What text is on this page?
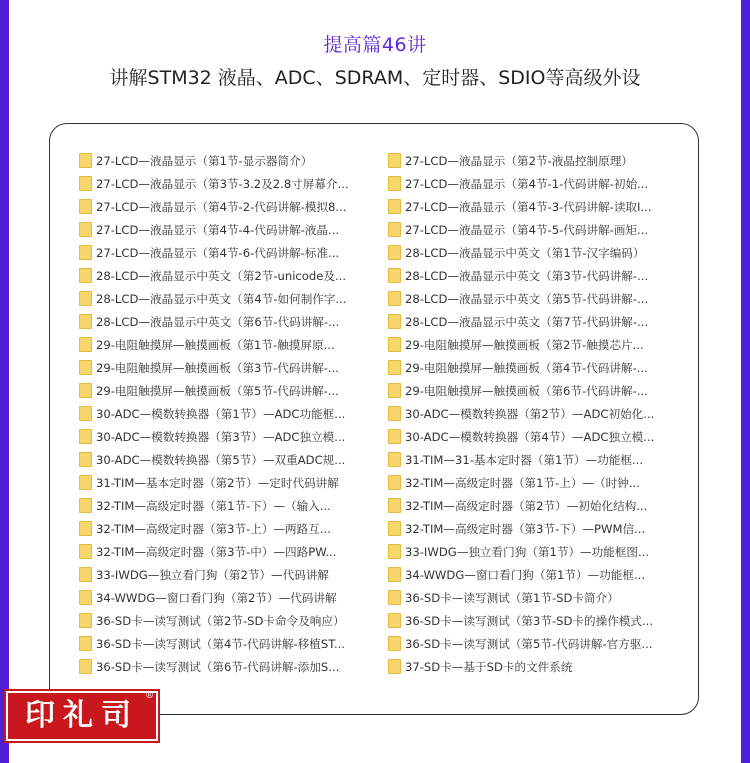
提高篇46讲
讲解STM32 液晶、ADC、SDRAM、定时器、SDIO等高级外设
27-LCD—液晶显示（第1节-显示器简介）
27-LCD—液晶显示（第3节-3.2及2.8寸屏幕介...
27-LCD—液晶显示（第4节-2-代码讲解-模拟8...
27-LCD—液晶显示（第4节-4-代码讲解-液晶...
27-LCD—液晶显示（第4节-6-代码讲解-标准...
28-LCD—液晶显示中英文（第2节-unicode及...
28-LCD—液晶显示中英文（第4节-如何制作字...
28-LCD—液晶显示中英文（第6节-代码讲解-...
29-电阻触摸屏—触摸画板（第1节-触摸屏原...
29-电阻触摸屏—触摸画板（第3节-代码讲解-...
29-电阻触摸屏—触摸画板（第5节-代码讲解-...
30-ADC—模数转换器（第1节）—ADC功能框...
30-ADC—模数转换器（第3节）—ADC独立模...
30-ADC—模数转换器（第5节）—双重ADC规...
31-TIM—基本定时器（第2节）—定时代码讲解
32-TIM—高级定时器（第1节-下）—（输入...
32-TIM—高级定时器（第3节-上）—两路互...
32-TIM—高级定时器（第3节-中）—四路PW...
33-IWDG—独立看门狗（第2节）—代码讲解
34-WWDG—窗口看门狗（第2节）—代码讲解
36-SD卡—读写测试（第2节-SD卡命令及响应）
36-SD卡—读写测试（第4节-代码讲解-移植ST...
36-SD卡—读写测试（第6节-代码讲解-添加S...
27-LCD—液晶显示（第2节-液晶控制原理）
27-LCD—液晶显示（第4节-1-代码讲解-初始...
27-LCD—液晶显示（第4节-3-代码讲解-读取I...
27-LCD—液晶显示（第4节-5-代码讲解-画矩...
28-LCD—液晶显示中英文（第1节-汉字编码）
28-LCD—液晶显示中英文（第3节-代码讲解-...
28-LCD—液晶显示中英文（第5节-代码讲解-...
28-LCD—液晶显示中英文（第7节-代码讲解-...
29-电阻触摸屏—触摸画板（第2节-触摸芯片...
29-电阻触摸屏—触摸画板（第4节-代码讲解-...
29-电阻触摸屏—触摸画板（第6节-代码讲解-...
30-ADC—模数转换器（第2节）—ADC初始化...
30-ADC—模数转换器（第4节）—ADC独立模...
31-TIM—31-基本定时器（第1节）—功能框...
32-TIM—高级定时器（第1节-上）—（时钟...
32-TIM—高级定时器（第2节）—初始化结构...
32-TIM—高级定时器（第3节-下）—PWM信...
33-IWDG—独立看门狗（第1节）—功能框图...
34-WWDG—窗口看门狗（第1节）—功能框...
36-SD卡—读写测试（第1节-SD卡简介）
36-SD卡—读写测试（第3节-SD卡的操作模式...
36-SD卡—读写测试（第5节-代码讲解-官方驱...
37-SD卡—基于SD卡的文件系统
印礼司
®
